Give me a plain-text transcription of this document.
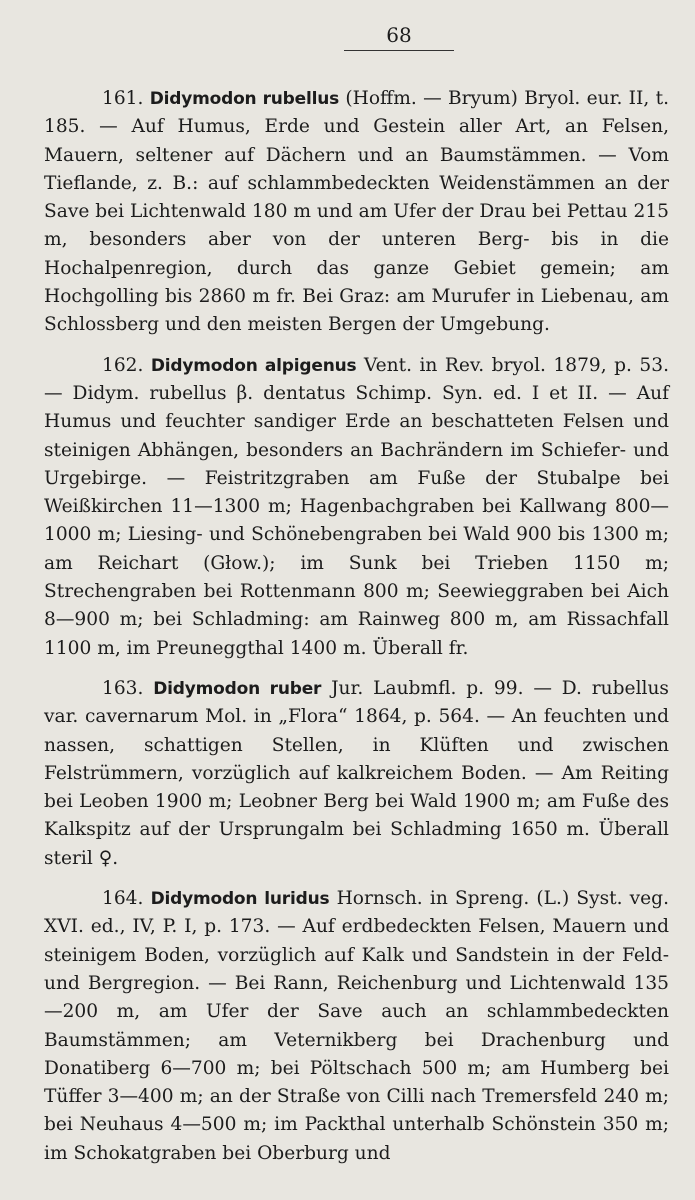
68

161. Didymodon rubellus (Hoffm. — Bryum) Bryol. eur. II, t. 185. — Auf Humus, Erde und Gestein aller Art, an Felsen, Mauern, seltener auf Dächern und an Baumstämmen. — Vom Tieflande, z. B.: auf schlammbedeckten Weidenstämmen an der Save bei Lichtenwald 180 m und am Ufer der Drau bei Pettau 215 m, besonders aber von der unteren Berg- bis in die Hochalpenregion, durch das ganze Gebiet gemein; am Hochgolling bis 2860 m fr. Bei Graz: am Murufer in Liebenau, am Schlossberg und den meisten Bergen der Umgebung.

162. Didymodon alpigenus Vent. in Rev. bryol. 1879, p. 53. — Didym. rubellus β. dentatus Schimp. Syn. ed. I et II. — Auf Humus und feuchter sandiger Erde an beschatteten Felsen und steinigen Abhängen, besonders an Bachrändern im Schiefer- und Urgebirge. — Feistritzgraben am Fuße der Stubalpe bei Weißkirchen 11—1300 m; Hagenbachgraben bei Kallwang 800—1000 m; Liesing- und Schönebengraben bei Wald 900 bis 1300 m; am Reichart (Głow.); im Sunk bei Trieben 1150 m; Strechengraben bei Rottenmann 800 m; Seewieggraben bei Aich 8—900 m; bei Schladming: am Rainweg 800 m, am Rissachfall 1100 m, im Preuneggthal 1400 m. Überall fr.

163. Didymodon ruber Jur. Laubmfl. p. 99. — D. rubellus var. cavernarum Mol. in „Flora“ 1864, p. 564. — An feuchten und nassen, schattigen Stellen, in Klüften und zwischen Felstrümmern, vorzüglich auf kalkreichem Boden. — Am Reiting bei Leoben 1900 m; Leobner Berg bei Wald 1900 m; am Fuße des Kalkspitz auf der Ursprungalm bei Schladming 1650 m. Überall steril ♀.

164. Didymodon luridus Hornsch. in Spreng. (L.) Syst. veg. XVI. ed., IV, P. I, p. 173. — Auf erdbedeckten Felsen, Mauern und steinigem Boden, vorzüglich auf Kalk und Sandstein in der Feld- und Bergregion. — Bei Rann, Reichenburg und Lichtenwald 135—200 m, am Ufer der Save auch an schlammbedeckten Baumstämmen; am Veternikberg bei Drachenburg und Donatiberg 6—700 m; bei Pöltschach 500 m; am Humberg bei Tüffer 3—400 m; an der Straße von Cilli nach Tremersfeld 240 m; bei Neuhaus 4—500 m; im Packthal unterhalb Schönstein 350 m; im Schokatgraben bei Oberburg und
